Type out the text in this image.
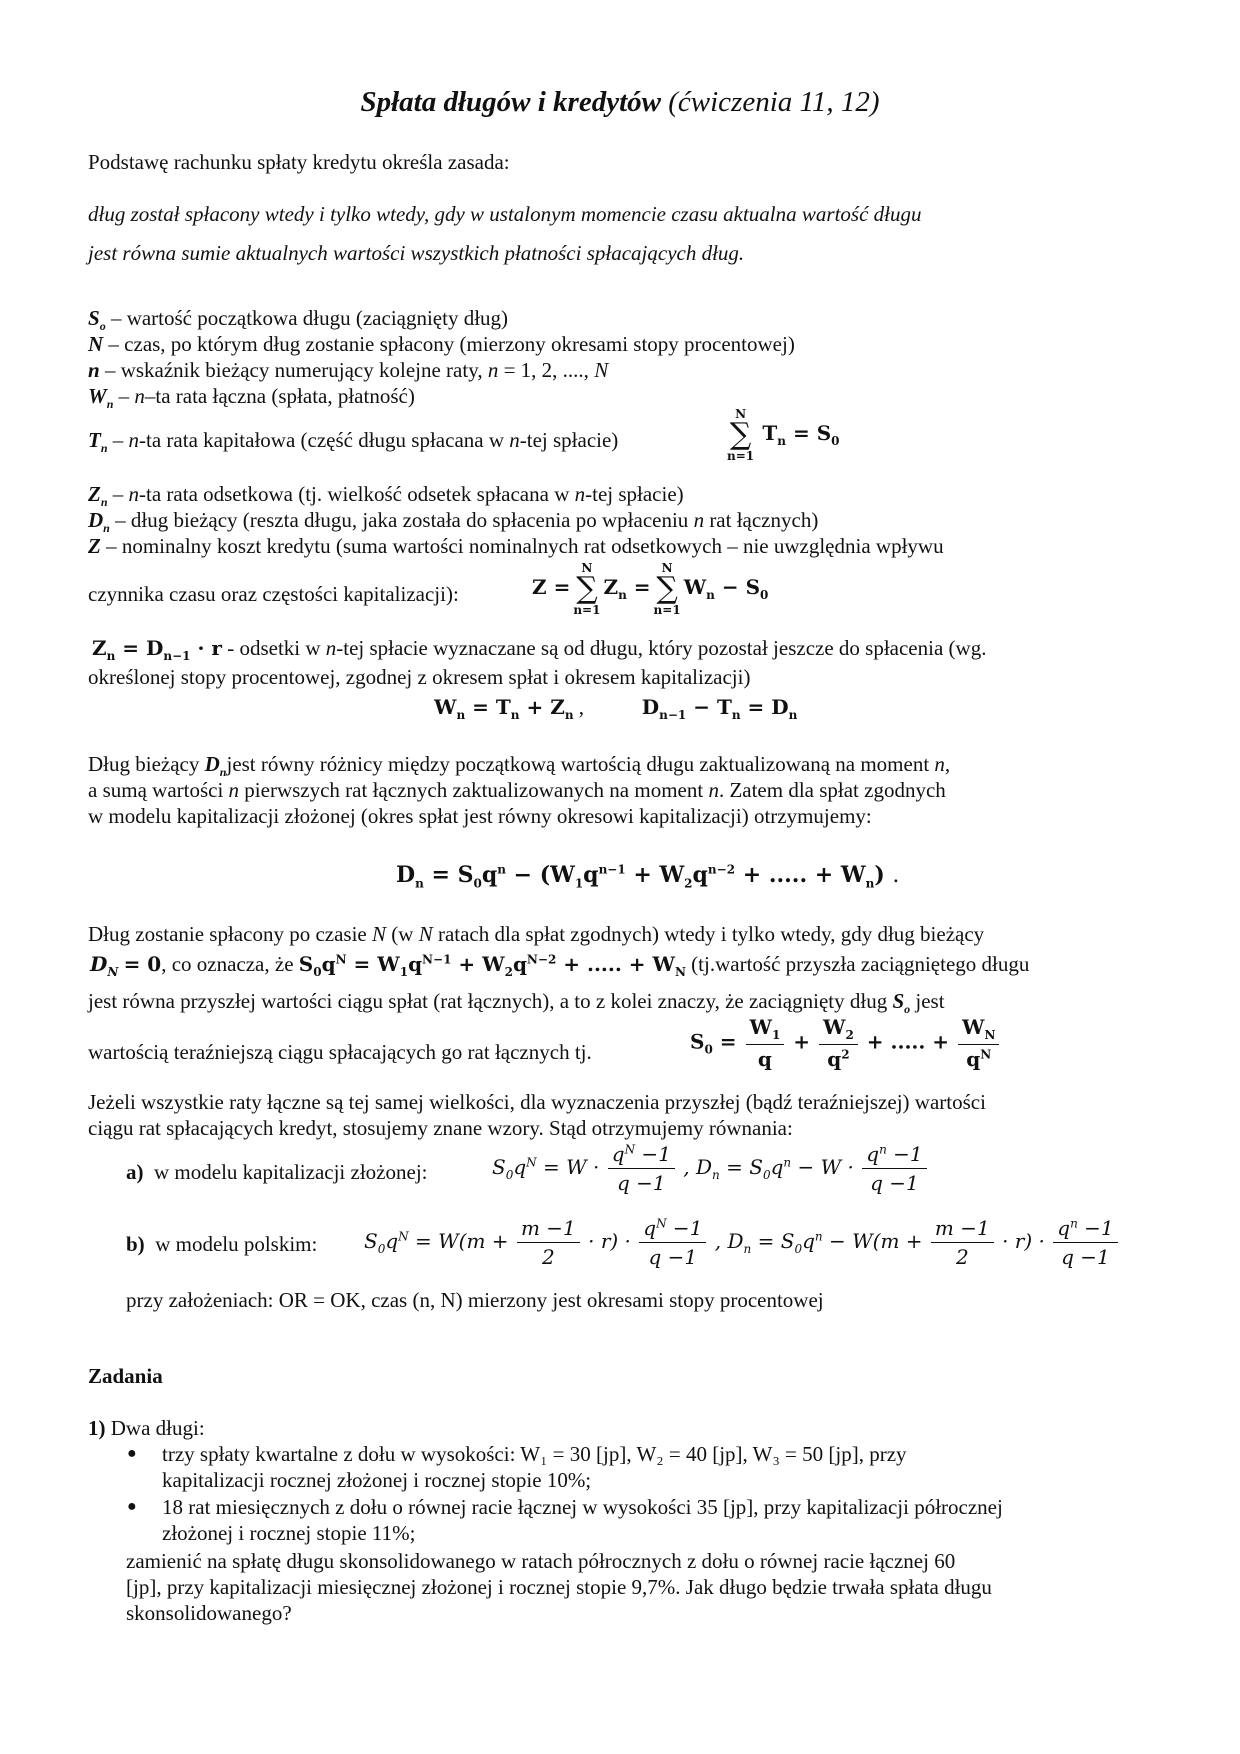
Spłata długów i kredytów (ćwiczenia 11, 12)
Podstawę rachunku spłaty kredytu określa zasada:
dług został spłacony wtedy i tylko wtedy, gdy w ustalonym momencie czasu aktualna wartość długu
jest równa sumie aktualnych wartości wszystkich płatności spłacających dług.
$S_o$ – wartość początkowa długu (zaciągnięty dług)
N – czas, po którym dług zostanie spłacony (mierzony okresami stopy procentowej)
n – wskaźnik bieżący numerujący kolejne raty, n = 1, 2, ...., N
$W_n - n-ta$ rata łączna (spłata, płatność)
$T_n - n-ta$ rata kapitałowa (część długu spłacana w n-tej spłacie)
N
∑
n=1
$T_n = S_0$
$Z_n - n-ta$ rata odsetkowa (tj. wielkość odsetek spłacana w n-tej spłacie)
$D_n$ – dług bieżący (reszta długu, jaka została do spłacenia po wpłaceniu n rat łącznych)
Z – nominalny koszt kredytu (suma wartości nominalnych rat odsetkowych – nie uwzględnia wpływu
czynnika czasu oraz częstości kapitalizacji):	Z =
N
∑
n=1
$Z_n$ =
N
∑
n=1
$W_n - S_0$
$Z_n = D_{n-1} \cdot r$ - odsetki w n-tej spłacie wyznaczane są od długu, który pozostał jeszcze do spłacenia (wg.
określonej stopy procentowej, zgodnej z okresem spłat i okresem kapitalizacji)
$W_n = T_n + Z_n$ ,           $D_{n-1} - T_n = D_n$
Dług bieżący $D_njest$ równy różnicy między początkową wartością długu zaktualizowaną na moment n,
a sumą wartości n pierwszych rat łącznych zaktualizowanych na moment n. Zatem dla spłat zgodnych
w modelu kapitalizacji złożonej (okres spłat jest równy okresowi kapitalizacji) otrzymujemy:
$D_n = S_0q^n - (W_1q^{n-1} + W_2q^{n-2}$ + ..... + $W_n$) .
Dług zostanie spłacony po czasie N (w N ratach dla spłat zgodnych) wtedy i tylko wtedy, gdy dług bieżący
$D_N = 0$, co oznacza, że $S_0q^N = W_1q^{N-1} + W_2q^{N-2}$ + ..... + $W_N$ (tj.wartość przyszła zaciągniętego długu
jest równa przyszłej wartości ciągu spłat (rat łącznych), a to z kolei znaczy, że zaciągnięty dług $S_o$ jest
wartością teraźniejszą ciągu spłacających go rat łącznych tj.	$S_0 = \frac{W_1}{q} + \frac{W_2}{q^2}$ + ..... + $\frac{W_N}{q^N}$
Jeżeli wszystkie raty łączne są tej samej wielkości, dla wyznaczenia przyszłej (bądź teraźniejszej) wartości
ciągu rat spłacających kredyt, stosujemy znane wzory. Stąd otrzymujemy równania:
a) w modelu kapitalizacji złożonej:	$S_0q^N = W \cdot \frac{q^N -1}{q -1}$ , $D_n = S_0q^n - W \cdot \frac{q^n -1}{q -1}$
b) w modelu polskim: $S_0q^N = W(m + \frac{m -1}{2} \cdot r) \cdot \frac{q^N -1}{q -1}$ , $D_n = S_0q^n - W(m + \frac{m -1}{2} \cdot r) \cdot \frac{q^n -1}{q -1}$
przy założeniach: OR = OK, czas (n, N) mierzony jest okresami stopy procentowej
Zadania
1) Dwa długi:
● trzy spłaty kwartalne z dołu w wysokości: W₁ = 30 [jp], W₂ = 40 [jp], W₃ = 50 [jp], przy
kapitalizacji rocznej złożonej i rocznej stopie 10%;
● 18 rat miesięcznych z dołu o równej racie łącznej w wysokości 35 [jp], przy kapitalizacji półrocznej
złożonej i rocznej stopie 11%;
zamienić na spłatę długu skonsolidowanego w ratach półrocznych z dołu o równej racie łącznej 60
[jp], przy kapitalizacji miesięcznej złożonej i rocznej stopie 9,7%. Jak długo będzie trwała spłata długu
skonsolidowanego?
